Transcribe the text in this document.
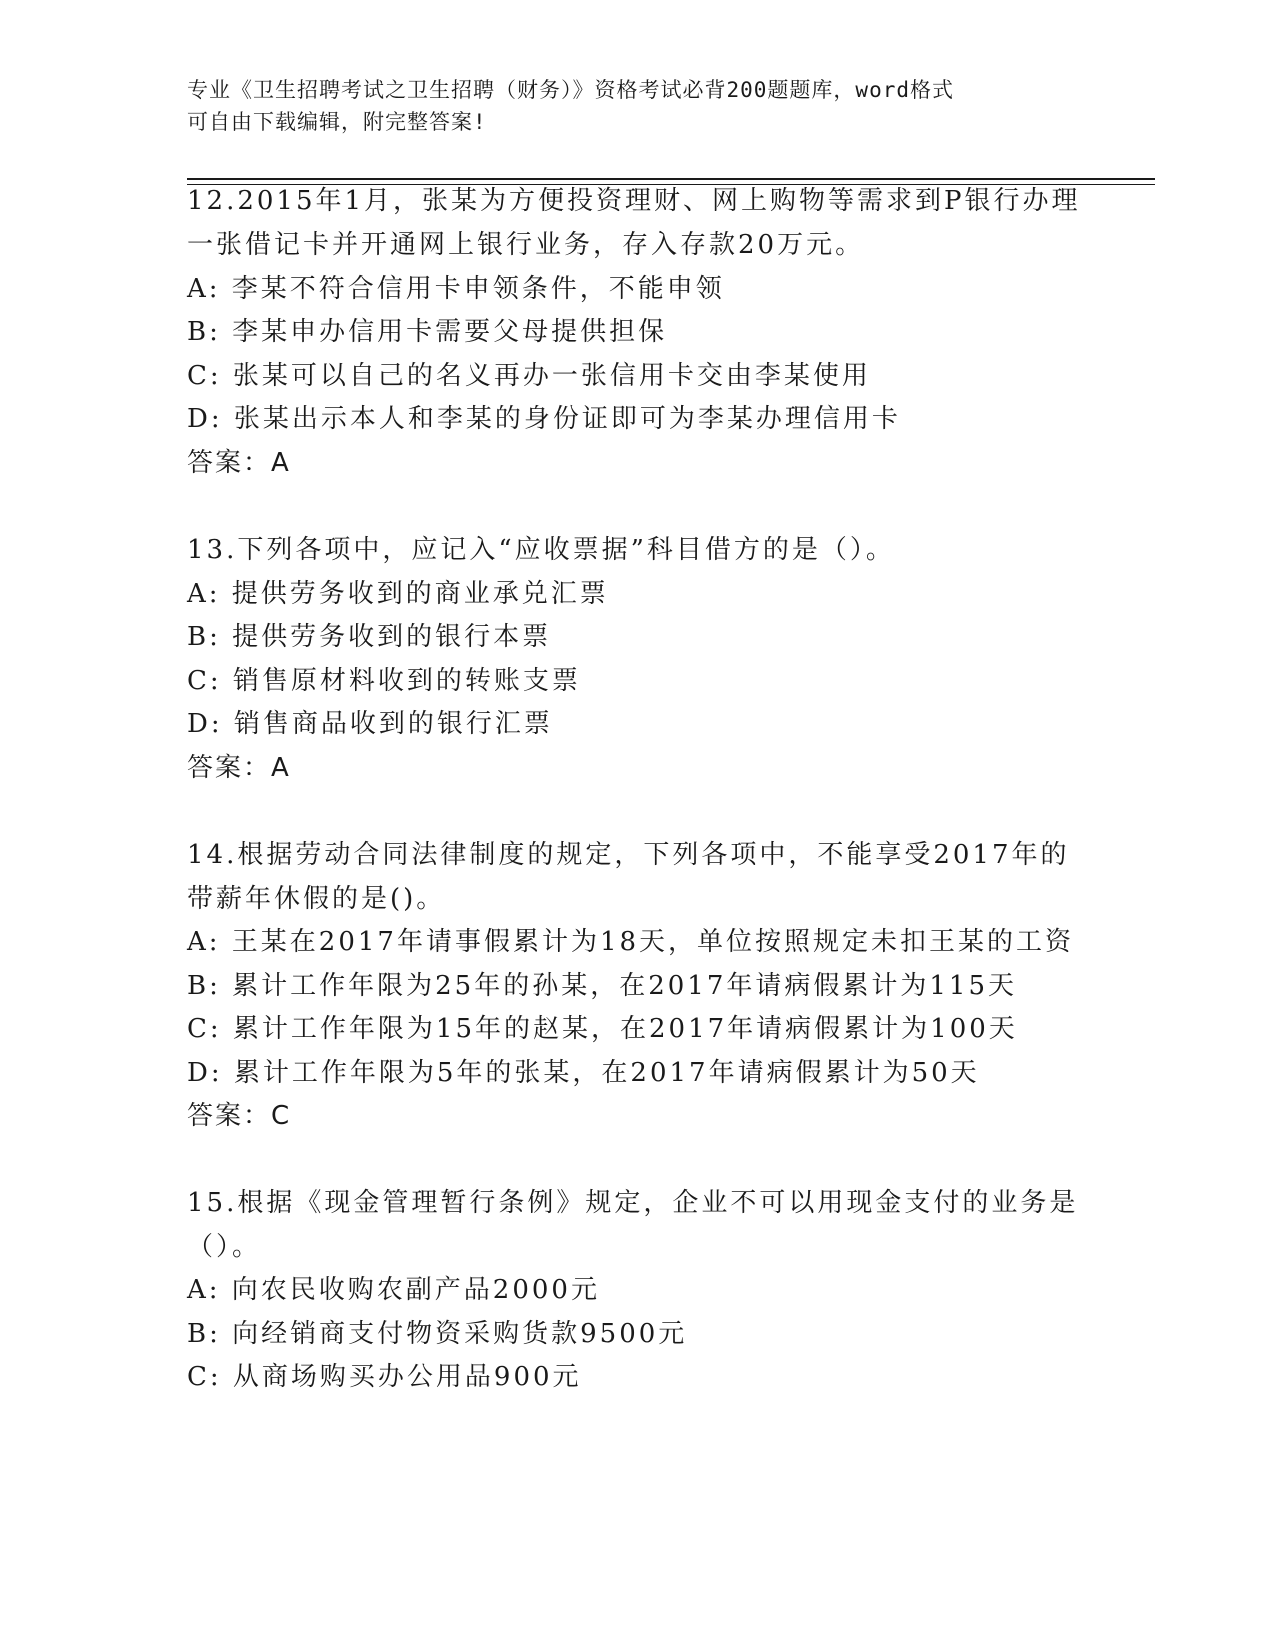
专业《卫生招聘考试之卫生招聘（财务）》资格考试必背200题题库，word格式
可自由下载编辑，附完整答案!
12.2015年1月，张某为方便投资理财、网上购物等需求到P银行办理
一张借记卡并开通网上银行业务，存入存款20万元。
A: 李某不符合信用卡申领条件，不能申领
B: 李某申办信用卡需要父母提供担保
C: 张某可以自己的名义再办一张信用卡交由李某使用
D: 张某出示本人和李某的身份证即可为李某办理信用卡
答案：A
13.下列各项中，应记入“应收票据”科目借方的是（）。
A: 提供劳务收到的商业承兑汇票
B: 提供劳务收到的银行本票
C: 销售原材料收到的转账支票
D: 销售商品收到的银行汇票
答案：A
14.根据劳动合同法律制度的规定，下列各项中，不能享受2017年的
带薪年休假的是()。
A: 王某在2017年请事假累计为18天，单位按照规定未扣王某的工资
B: 累计工作年限为25年的孙某，在2017年请病假累计为115天
C: 累计工作年限为15年的赵某，在2017年请病假累计为100天
D: 累计工作年限为5年的张某，在2017年请病假累计为50天
答案：C
15.根据《现金管理暂行条例》规定，企业不可以用现金支付的业务是
（）。
A: 向农民收购农副产品2000元
B: 向经销商支付物资采购货款9500元
C: 从商场购买办公用品900元
